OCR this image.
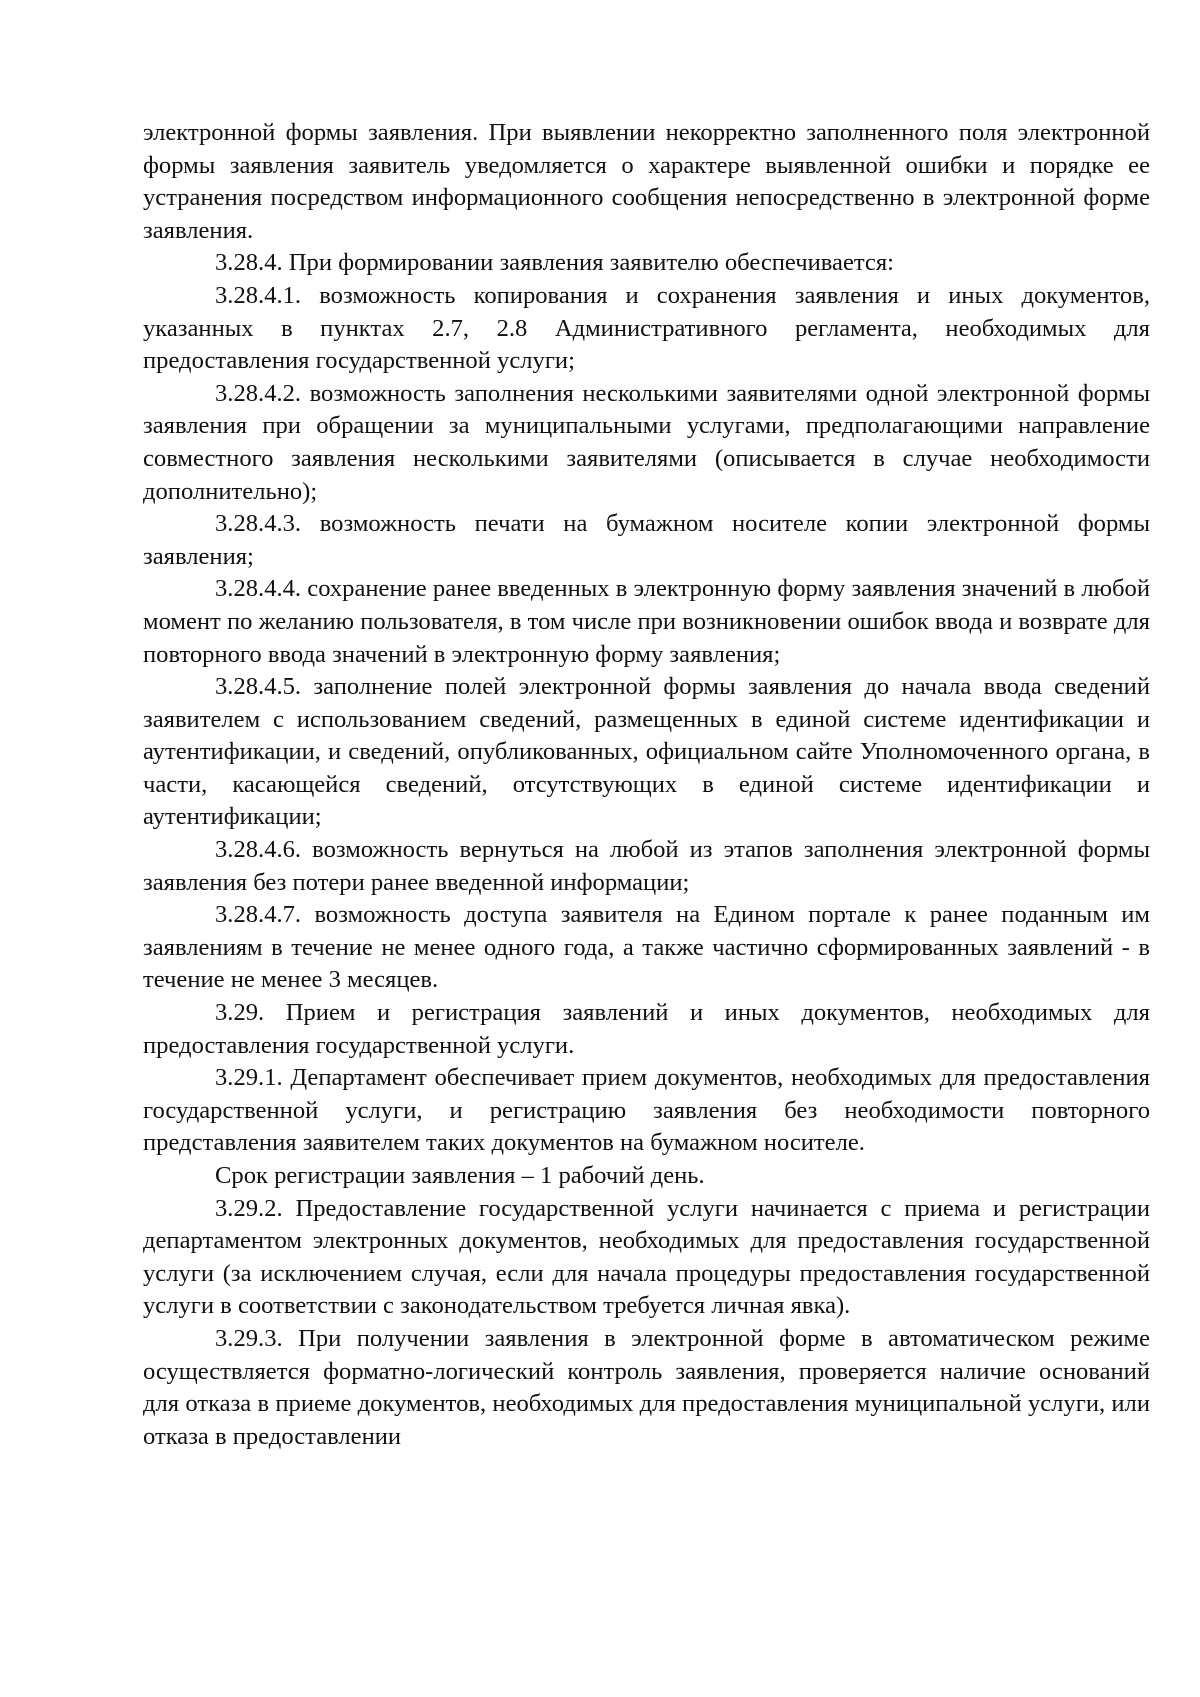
электронной формы заявления. При выявлении некорректно заполненного поля электронной формы заявления заявитель уведомляется о характере выявленной ошибки и порядке ее устранения посредством информационного сообщения непосредственно в электронной форме заявления.

3.28.4. При формировании заявления заявителю обеспечивается:

3.28.4.1. возможность копирования и сохранения заявления и иных документов, указанных в пунктах 2.7, 2.8 Административного регламента, необходимых для предоставления государственной услуги;

3.28.4.2. возможность заполнения несколькими заявителями одной электронной формы заявления при обращении за муниципальными услугами, предполагающими направление совместного заявления несколькими заявителями (описывается в случае необходимости дополнительно);

3.28.4.3. возможность печати на бумажном носителе копии электронной формы заявления;

3.28.4.4. сохранение ранее введенных в электронную форму заявления значений в любой момент по желанию пользователя, в том числе при возникновении ошибок ввода и возврате для повторного ввода значений в электронную форму заявления;

3.28.4.5. заполнение полей электронной формы заявления до начала ввода сведений заявителем с использованием сведений, размещенных в единой системе идентификации и аутентификации, и сведений, опубликованных, официальном сайте Уполномоченного органа, в части, касающейся сведений, отсутствующих в единой системе идентификации и аутентификации;

3.28.4.6. возможность вернуться на любой из этапов заполнения электронной формы заявления без потери ранее введенной информации;

3.28.4.7. возможность доступа заявителя на Едином портале к ранее поданным им заявлениям в течение не менее одного года, а также частично сформированных заявлений - в течение не менее 3 месяцев.

3.29. Прием и регистрация заявлений и иных документов, необходимых для предоставления государственной услуги.

3.29.1. Департамент обеспечивает прием документов, необходимых для предоставления государственной услуги, и регистрацию заявления без необходимости повторного представления заявителем таких документов на бумажном носителе.

Срок регистрации заявления – 1 рабочий день.

3.29.2. Предоставление государственной услуги начинается с приема и регистрации департаментом электронных документов, необходимых для предоставления государственной услуги (за исключением случая, если для начала процедуры предоставления государственной услуги в соответствии с законодательством требуется личная явка).

3.29.3. При получении заявления в электронной форме в автоматическом режиме осуществляется форматно-логический контроль заявления, проверяется наличие оснований для отказа в приеме документов, необходимых для предоставления муниципальной услуги, или отказа в предоставлении
